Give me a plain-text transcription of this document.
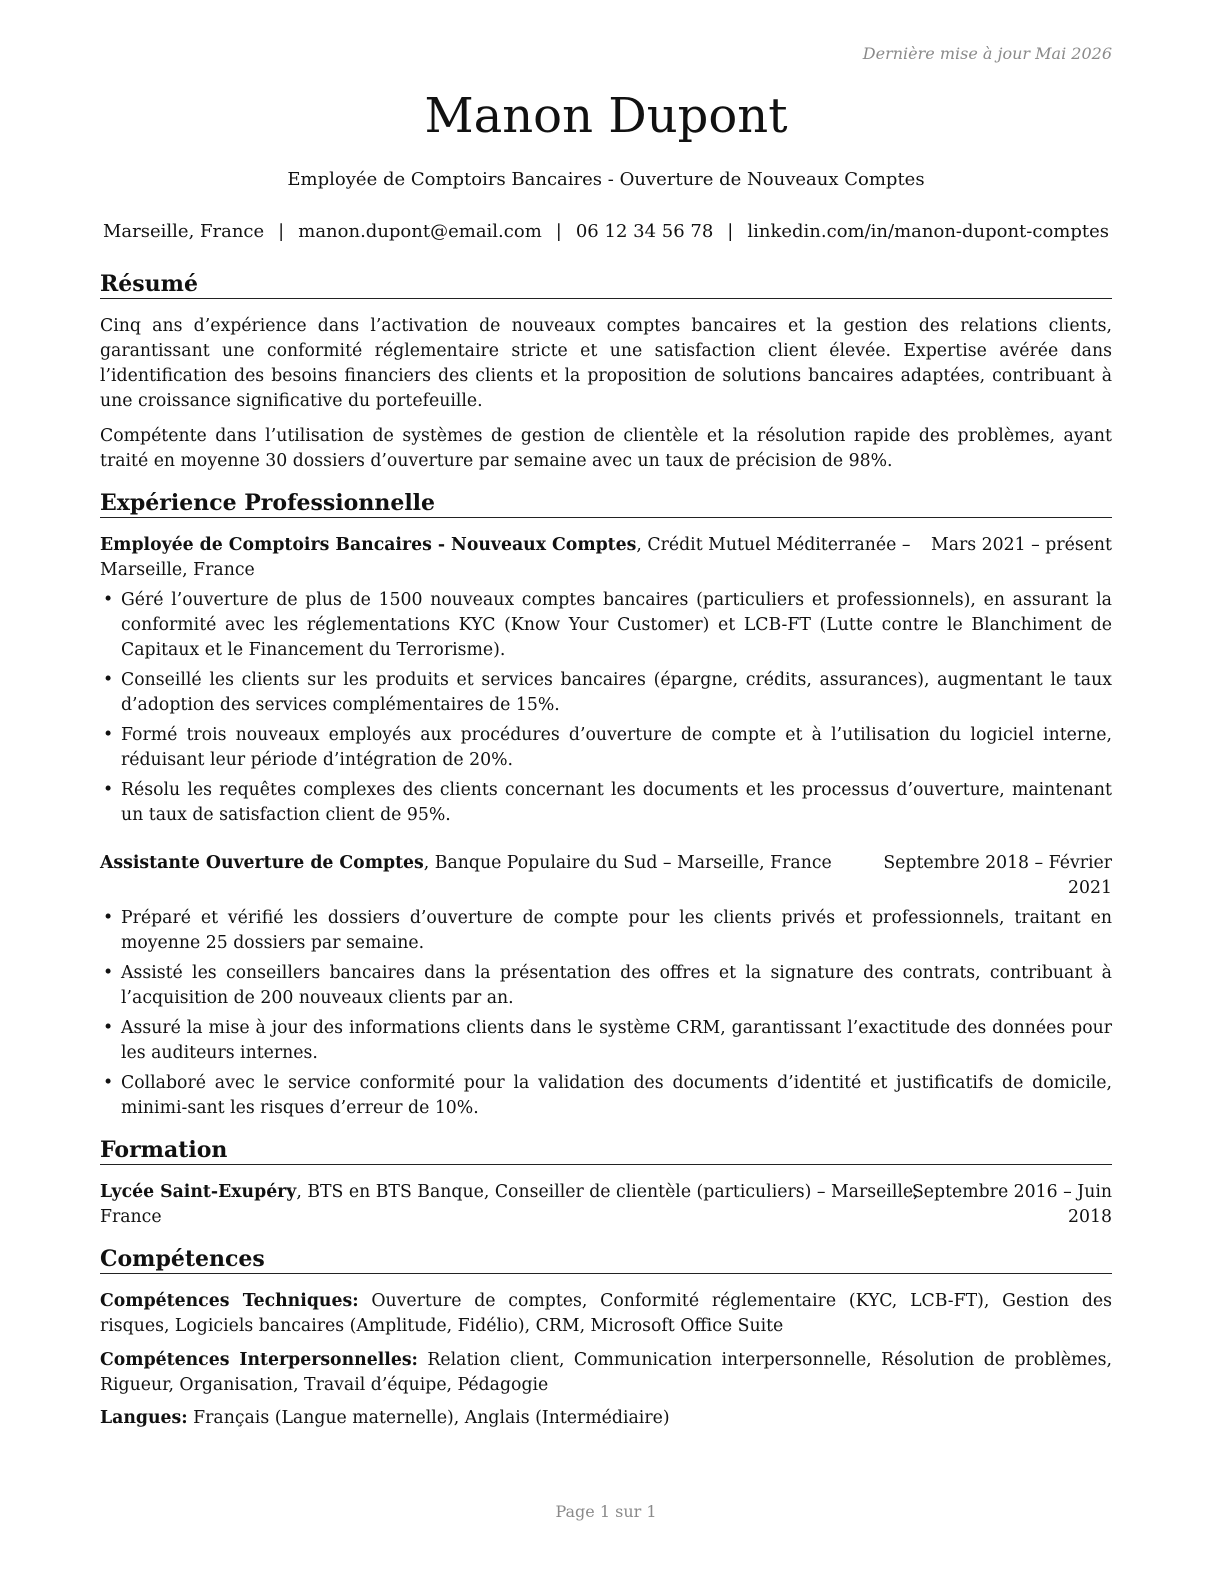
Dernière mise à jour Mai 2026
Manon Dupont
Employée de Comptoirs Bancaires - Ouverture de Nouveaux Comptes
Marseille, France | manon.dupont@email.com | 06 12 34 56 78 | linkedin.com/in/manon-dupont-comptes
Résumé
Cinq ans d’expérience dans l’activation de nouveaux comptes bancaires et la gestion des relations clients, garantissant une conformité réglementaire stricte et une satisfaction client élevée. Expertise avérée dans l’identification des besoins financiers des clients et la proposition de solutions bancaires adaptées, contribuant à une croissance significative du portefeuille.
Compétente dans l’utilisation de systèmes de gestion de clientèle et la résolution rapide des problèmes, ayant traité en moyenne 30 dossiers d’ouverture par semaine avec un taux de précision de 98%.
Expérience Professionnelle
Employée de Comptoirs Bancaires - Nouveaux Comptes, Crédit Mutuel Méditerranée –
Marseille, France
Mars 2021 – présent
• Géré l’ouverture de plus de 1500 nouveaux comptes bancaires (particuliers et professionnels), en assurant la conformité avec les réglementations KYC (Know Your Customer) et LCB-FT (Lutte contre le Blanchiment de Capitaux et le Financement du Terrorisme).
• Conseillé les clients sur les produits et services bancaires (épargne, crédits, assurances), augmentant le taux d’adoption des services complémentaires de 15%.
• Formé trois nouveaux employés aux procédures d’ouverture de compte et à l’utilisation du logiciel interne, réduisant leur période d’intégration de 20%.
• Résolu les requêtes complexes des clients concernant les documents et les processus d’ouverture, maintenant un taux de satisfaction client de 95%.
Assistante Ouverture de Comptes, Banque Populaire du Sud – Marseille, France	Septembre 2018 – Février
2021
• Préparé et vérifié les dossiers d’ouverture de compte pour les clients privés et professionnels, traitant en moyenne 25 dossiers par semaine.
• Assisté les conseillers bancaires dans la présentation des offres et la signature des contrats, contribuant à l’acquisition de 200 nouveaux clients par an.
• Assuré la mise à jour des informations clients dans le système CRM, garantissant l’exactitude des données pour les auditeurs internes.
• Collaboré avec le service conformité pour la validation des documents d’identité et justificatifs de domicile, minimi-sant les risques d’erreur de 10%.
Formation
Lycée Saint-Exupéry, BTS en BTS Banque, Conseiller de clientèle (particuliers) – Marseille,
France
Septembre 2016 – Juin
2018
Compétences
Compétences Techniques: Ouverture de comptes, Conformité réglementaire (KYC, LCB-FT), Gestion des risques, Logiciels bancaires (Amplitude, Fidélio), CRM, Microsoft Office Suite
Compétences Interpersonnelles: Relation client, Communication interpersonnelle, Résolution de problèmes, Rigueur, Organisation, Travail d’équipe, Pédagogie
Langues: Français (Langue maternelle), Anglais (Intermédiaire)
Page 1 sur 1
